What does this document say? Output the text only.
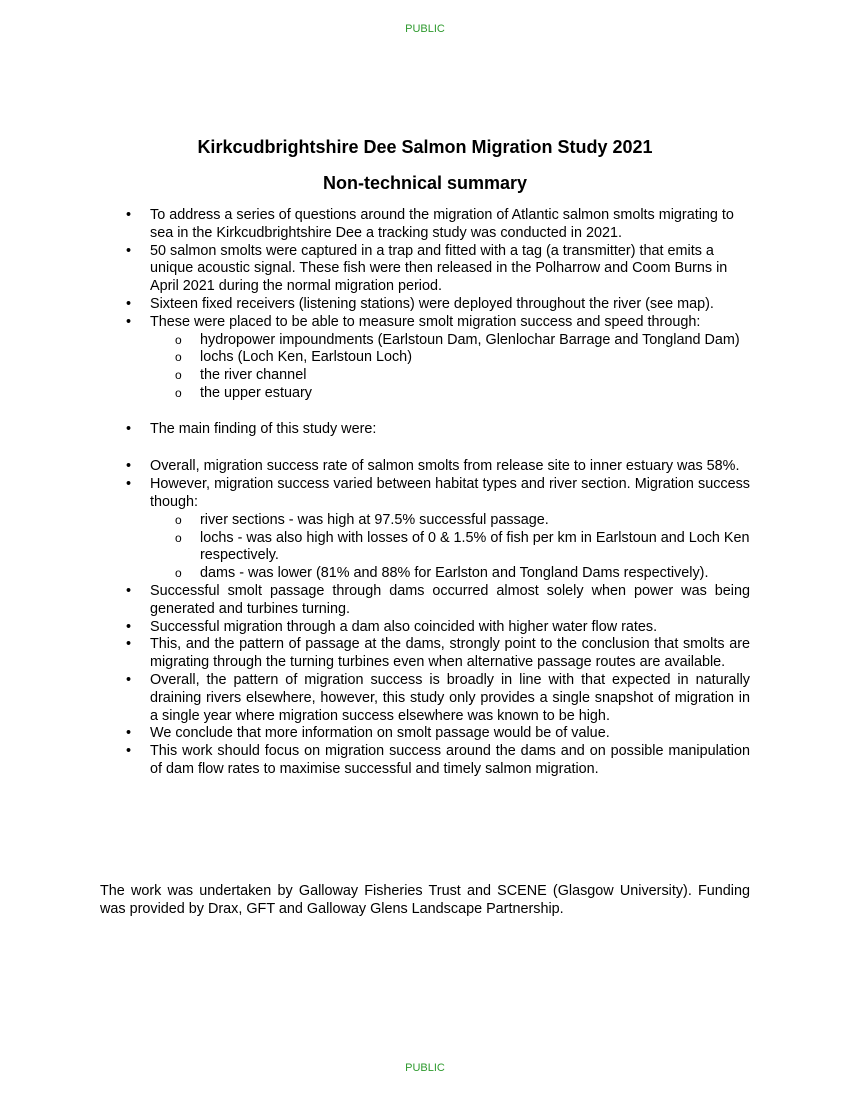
PUBLIC
Kirkcudbrightshire Dee Salmon Migration Study 2021
Non-technical summary
• To address a series of questions around the migration of Atlantic salmon smolts migrating to sea in the Kirkcudbrightshire Dee a tracking study was conducted in 2021.
• 50 salmon smolts were captured in a trap and fitted with a tag (a transmitter) that emits a unique acoustic signal. These fish were then released in the Polharrow and Coom Burns in April 2021 during the normal migration period.
• Sixteen fixed receivers (listening stations) were deployed throughout the river (see map).
• These were placed to be able to measure smolt migration success and speed through:
o hydropower impoundments (Earlstoun Dam, Glenlochar Barrage and Tongland Dam)
o lochs (Loch Ken, Earlstoun Loch)
o the river channel
o the upper estuary
• The main finding of this study were:
• Overall, migration success rate of salmon smolts from release site to inner estuary was 58%.
• However, migration success varied between habitat types and river section. Migration success though:
o river sections - was high at 97.5% successful passage.
o lochs - was also high with losses of 0 & 1.5% of fish per km in Earlstoun and Loch Ken respectively.
o dams - was lower (81% and 88% for Earlston and Tongland Dams respectively).
• Successful smolt passage through dams occurred almost solely when power was being generated and turbines turning.
• Successful migration through a dam also coincided with higher water flow rates.
• This, and the pattern of passage at the dams, strongly point to the conclusion that smolts are migrating through the turning turbines even when alternative passage routes are available.
• Overall, the pattern of migration success is broadly in line with that expected in naturally draining rivers elsewhere, however, this study only provides a single snapshot of migration in a single year where migration success elsewhere was known to be high.
• We conclude that more information on smolt passage would be of value.
• This work should focus on migration success around the dams and on possible manipulation of dam flow rates to maximise successful and timely salmon migration.
The work was undertaken by Galloway Fisheries Trust and SCENE (Glasgow University). Funding was provided by Drax, GFT and Galloway Glens Landscape Partnership.
PUBLIC
